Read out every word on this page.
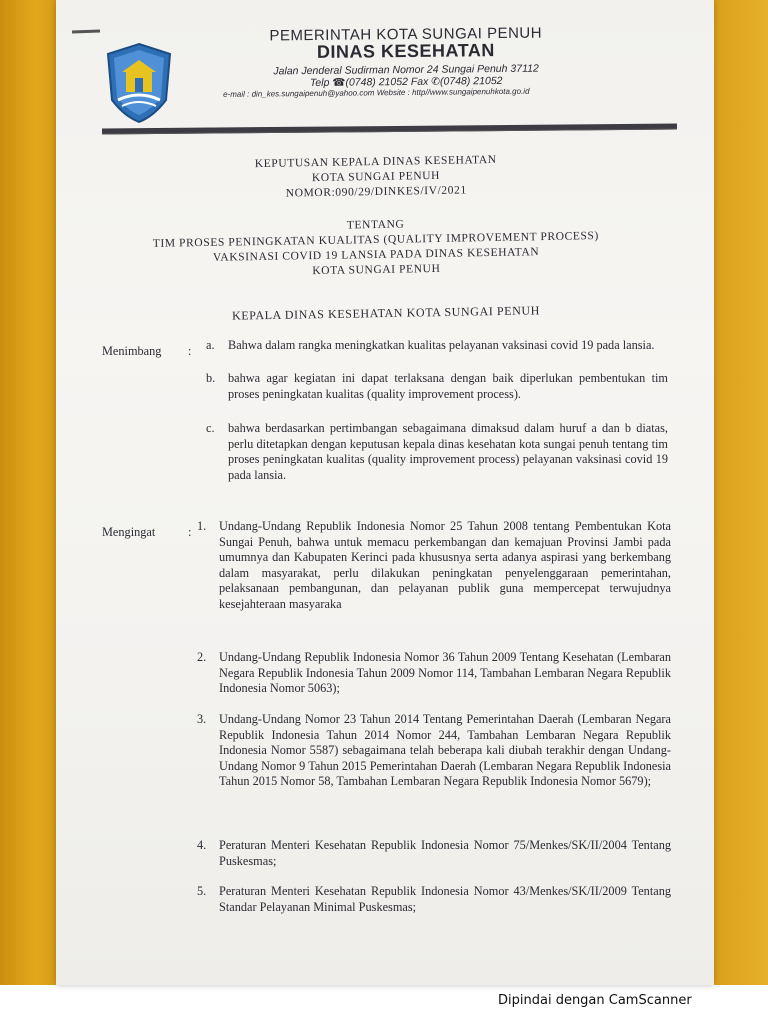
PEMERINTAH KOTA SUNGAI PENUH
DINAS KESEHATAN
Jalan Jenderal Sudirman Nomor 24 Sungai Penuh 37112
Telp ☎(0748) 21052 Fax ✆(0748) 21052
e-mail : din_kes.sungaipenuh@yahoo.com Website : http//www.sungaipenuhkota.go.id
KEPUTUSAN KEPALA DINAS KESEHATAN
KOTA SUNGAI PENUH
NOMOR:090/29/DINKES/IV/2021
TENTANG
TIM PROSES PENINGKATAN KUALITAS (QUALITY IMPROVEMENT PROCESS)
VAKSINASI COVID 19 LANSIA PADA DINAS KESEHATAN
KOTA SUNGAI PENUH
KEPALA DINAS KESEHATAN KOTA SUNGAI PENUH
Menimbang : a. Bahwa dalam rangka meningkatkan kualitas pelayanan vaksinasi covid 19 pada lansia.
b. bahwa agar kegiatan ini dapat terlaksana dengan baik diperlukan pembentukan tim proses peningkatan kualitas (quality improvement process).
c. bahwa berdasarkan pertimbangan sebagaimana dimaksud dalam huruf a dan b diatas, perlu ditetapkan dengan keputusan kepala dinas kesehatan kota sungai penuh tentang tim proses peningkatan kualitas (quality improvement process) pelayanan vaksinasi covid 19 pada lansia.
Mengingat	: 1. Undang-Undang Republik Indonesia Nomor 25 Tahun 2008 tentang Pembentukan Kota Sungai Penuh, bahwa untuk memacu perkembangan dan kemajuan Provinsi Jambi pada umumnya dan Kabupaten Kerinci pada khususnya serta adanya aspirasi yang berkembang dalam masyarakat, perlu dilakukan peningkatan penyelenggaraan pemerintahan, pelaksanaan pembangunan, dan pelayanan publik guna mempercepat terwujudnya kesejahteraan masyaraka
2. Undang-Undang Republik Indonesia Nomor 36 Tahun 2009 Tentang Kesehatan (Lembaran Negara Republik Indonesia Tahun 2009 Nomor 114, Tambahan Lembaran Negara Republik Indonesia Nomor 5063);
3. Undang-Undang Nomor 23 Tahun 2014 Tentang Pemerintahan Daerah (Lembaran Negara Republik Indonesia Tahun 2014 Nomor 244, Tambahan Lembaran Negara Republik Indonesia Nomor 5587) sebagaimana telah beberapa kali diubah terakhir dengan Undang-Undang Nomor 9 Tahun 2015 Pemerintahan Daerah (Lembaran Negara Republik Indonesia Tahun 2015 Nomor 58, Tambahan Lembaran Negara Republik Indonesia Nomor 5679);
4. Peraturan Menteri Kesehatan Republik Indonesia Nomor 75/Menkes/SK/II/2004 Tentang Puskesmas;
5. Peraturan Menteri Kesehatan Republik Indonesia Nomor 43/Menkes/SK/II/2009 Tentang Standar Pelayanan Minimal Puskesmas;
Dipindai dengan CamScanner
